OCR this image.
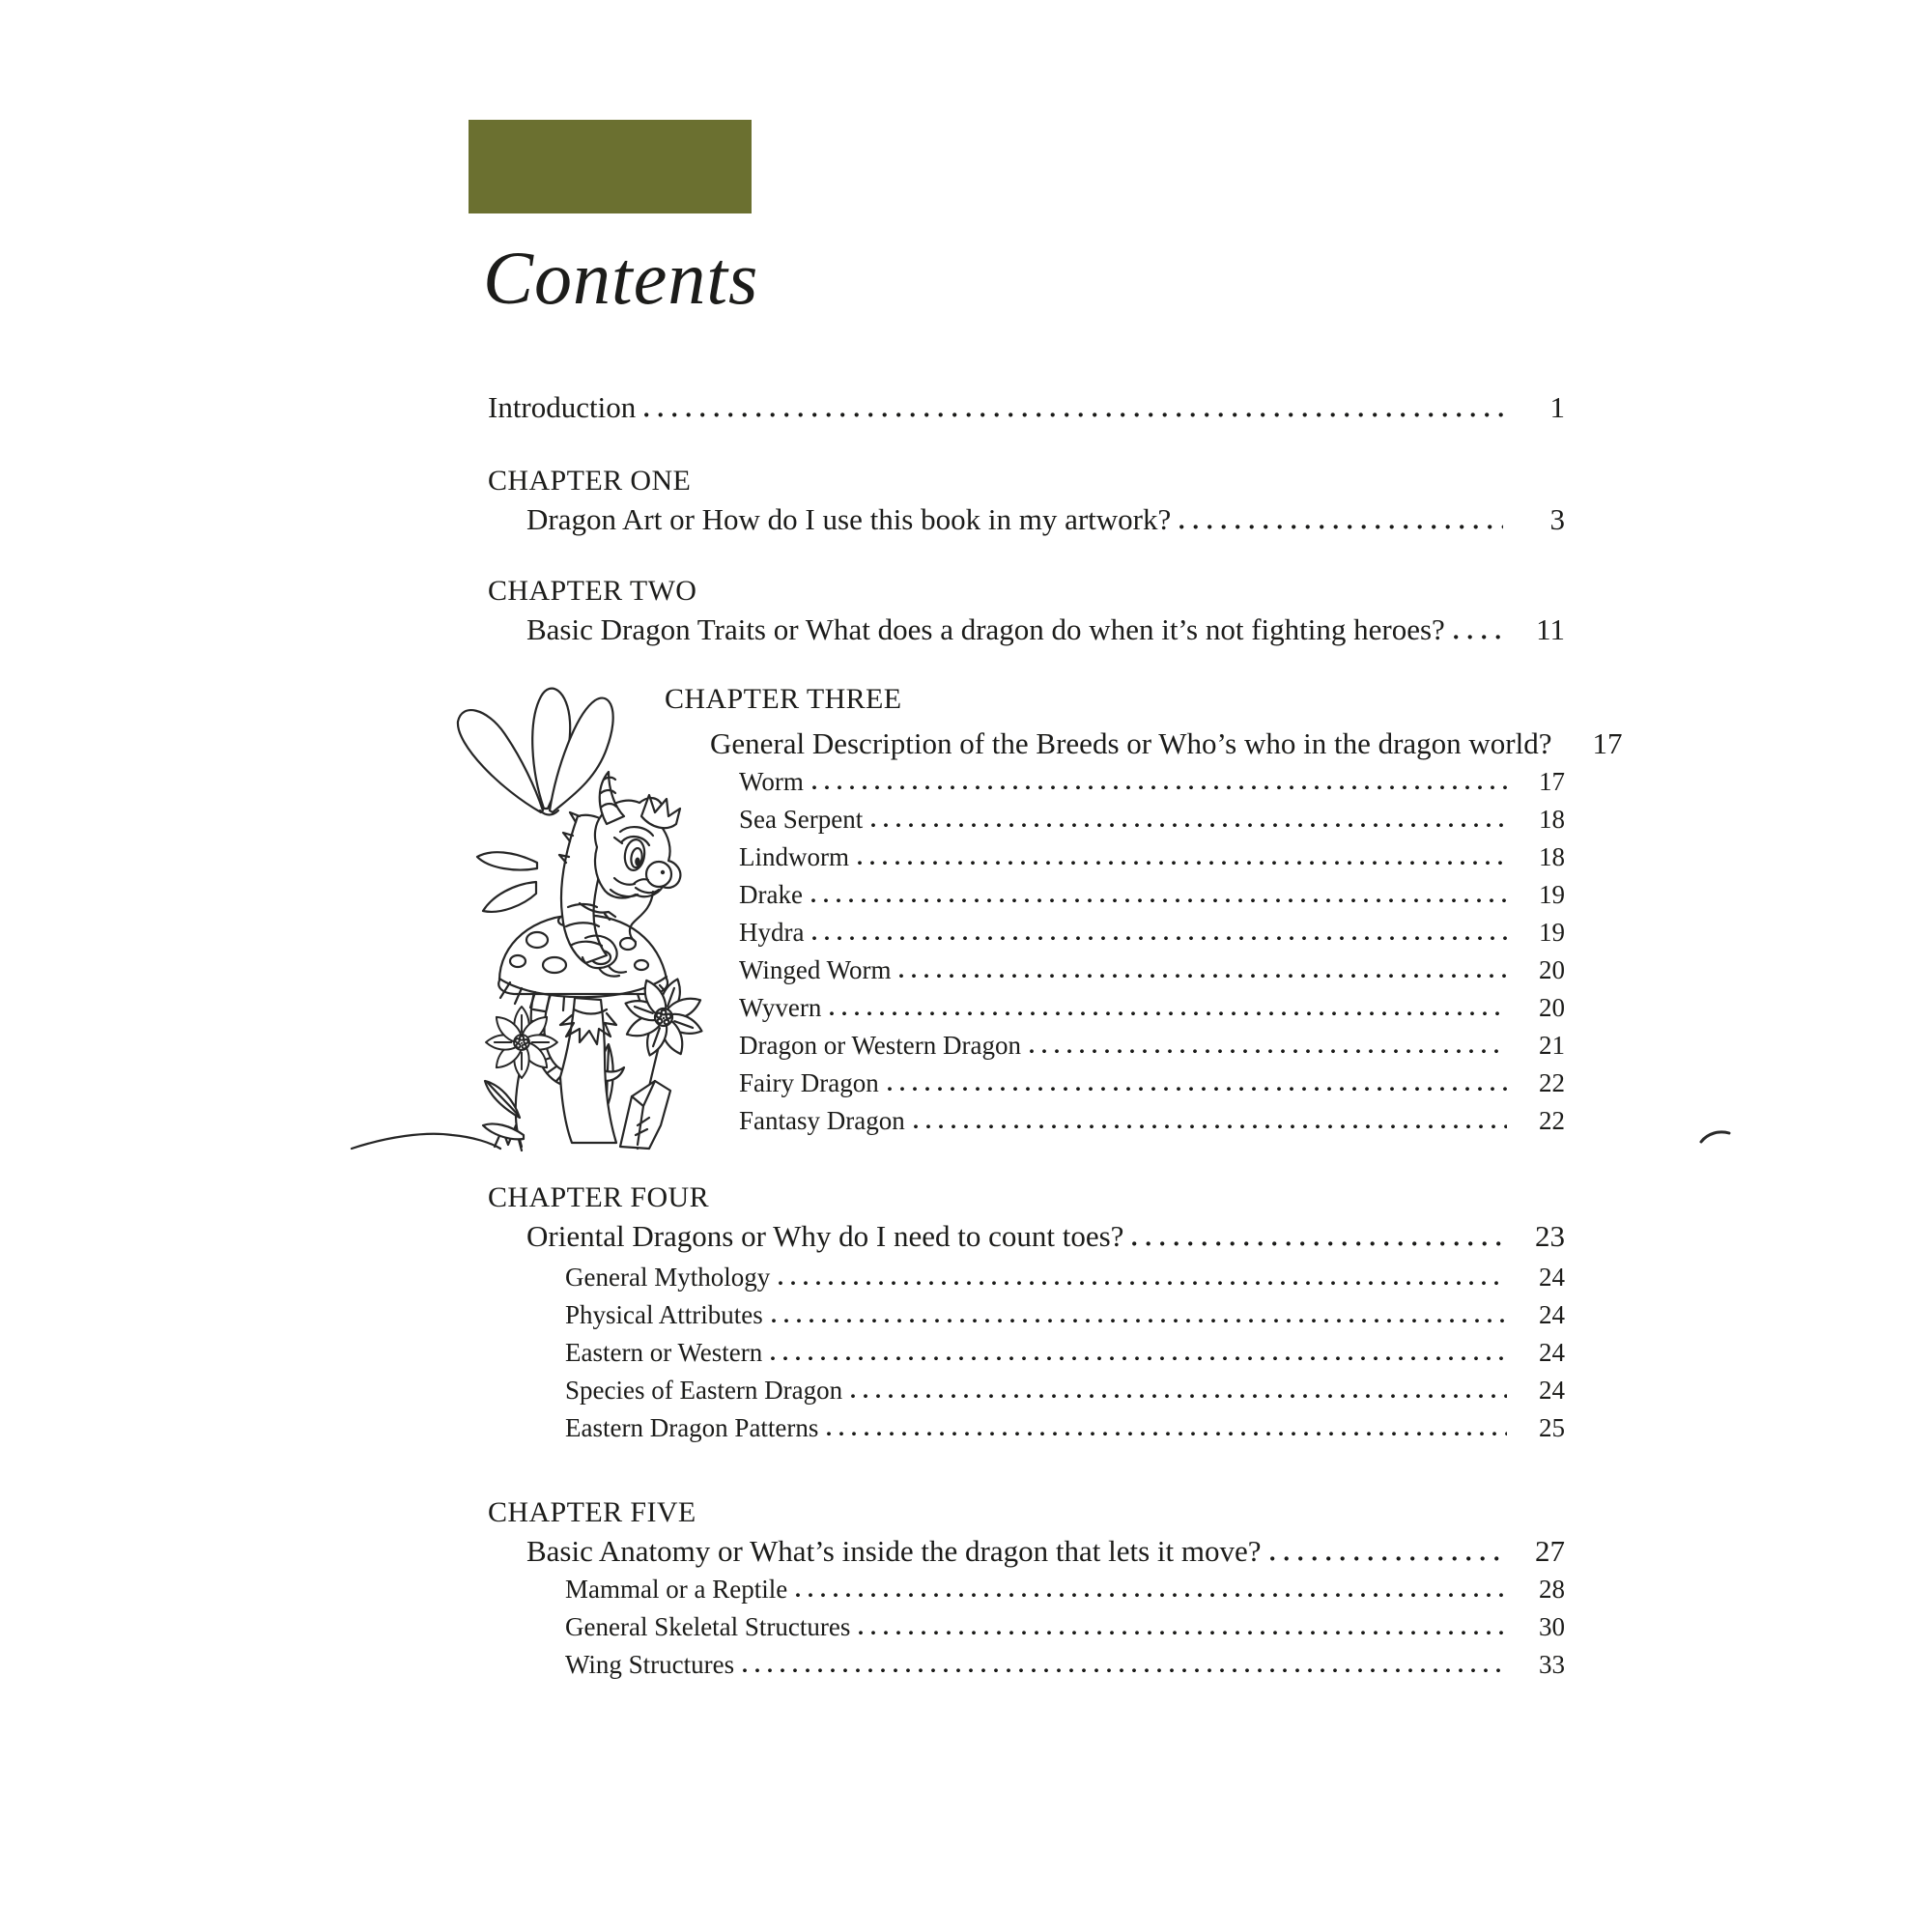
Contents
Introduction	1
CHAPTER ONE
Dragon Art or How do I use this book in my artwork?	3
CHAPTER TWO
Basic Dragon Traits or What does a dragon do when it’s not fighting heroes?	11
CHAPTER THREE
General Description of the Breeds or Who’s who in the dragon world?	17
Worm	17
Sea Serpent	18
Lindworm	18
Drake	19
Hydra	19
Winged Worm	20
Wyvern	20
Dragon or Western Dragon	21
Fairy Dragon	22
Fantasy Dragon	22
CHAPTER FOUR
Oriental Dragons or Why do I need to count toes?	23
General Mythology	24
Physical Attributes	24
Eastern or Western	24
Species of Eastern Dragon	24
Eastern Dragon Patterns	25
CHAPTER FIVE
Basic Anatomy or What’s inside the dragon that lets it move?	27
Mammal or a Reptile	28
General Skeletal Structures	30
Wing Structures	33
